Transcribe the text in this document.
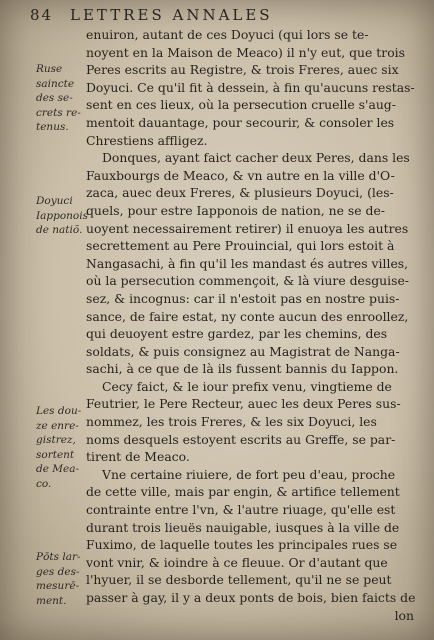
84 LETTRES ANNALES
Ruse
saincte
des se-
crets re-
tenus.
Doyuci
Iapponois
de natiõ.
Les dou-
ze enre-
gistrez,
sortent
de Mea-
co.
Pōts lar-
ges des-
mesurē-
ment.
enuiron, autant de ces Doyuci (qui lors se te-
noyent en la Maison de Meaco) il n'y eut, que trois
Peres escrits au Registre, & trois Freres, auec six
Doyuci. Ce qu'il fit à dessein, à fin qu'aucuns restas-
sent en ces lieux, où la persecution cruelle s'aug-
mentoit dauantage, pour secourir, & consoler les
Chrestiens affligez.
Donques, ayant faict cacher deux Peres, dans les
Fauxbourgs de Meaco, & vn autre en la ville d'O-
zaca, auec deux Freres, & plusieurs Doyuci, (les-
quels, pour estre Iapponois de nation, ne se de-
uoyent necessairement retirer) il enuoya les autres
secrettement au Pere Prouincial, qui lors estoit à
Nangasachi, à fin qu'il les mandast és autres villes,
où la persecution commençoit, & là viure desguise-
sez, & incognus: car il n'estoit pas en nostre puis-
sance, de faire estat, ny conte aucun des enroollez,
qui deuoyent estre gardez, par les chemins, des
soldats, & puis consignez au Magistrat de Nanga-
sachi, à ce que de là ils fussent bannis du Iappon.
Cecy faict, & le iour prefix venu, vingtieme de
Feutrier, le Pere Recteur, auec les deux Peres sus-
nommez, les trois Freres, & les six Doyuci, les
noms desquels estoyent escrits au Greffe, se par-
tirent de Meaco.
Vne certaine riuiere, de fort peu d'eau, proche
de cette ville, mais par engin, & artifice tellement
contrainte entre l'vn, & l'autre riuage, qu'elle est
durant trois lieuës nauigable, iusques à la ville de
Fuximo, de laquelle toutes les principales rues se
vont vnir, & ioindre à ce fleuue. Or d'autant que
l'hyuer, il se desborde tellement, qu'il ne se peut
passer à gay, il y a deux ponts de bois, bien faicts de
lon
